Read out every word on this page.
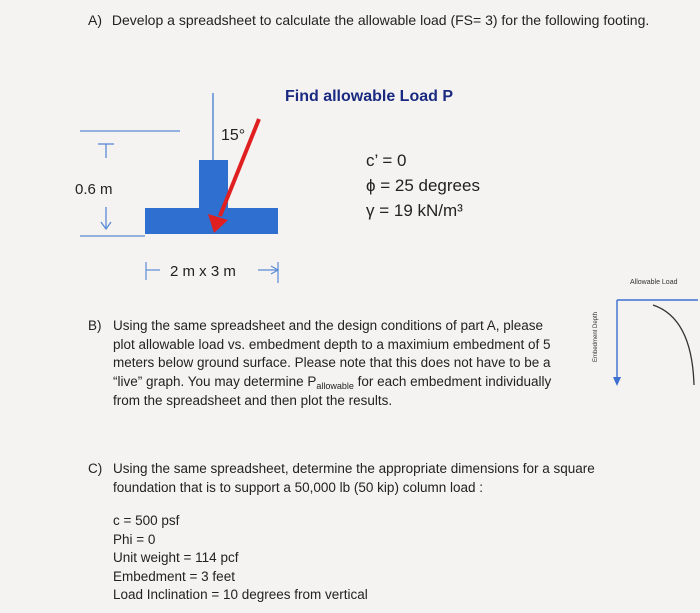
A) Develop a spreadsheet to calculate the allowable load (FS= 3) for the following footing.
15°
Find allowable Load P
c’ = 0
ϕ = 25 degrees
γ = 19 kN/m³
0.6 m
2 m x 3 m
Allowable Load
Embedment Depth
B) Using the same spreadsheet and the design conditions of part A, please
plot allowable load vs. embedment depth to a maximium embedment of 5
meters below ground surface. Please note that this does not have to be a
“live” graph. You may determine $P_{allowable}$ for each embedment individually
from the spreadsheet and then plot the results.
C) Using the same spreadsheet, determine the appropriate dimensions for a square
foundation that is to support a 50,000 lb (50 kip) column load :
c = 500 psf
Phi = 0
Unit weight = 114 pcf
Embedment = 3 feet
Load Inclination = 10 degrees from vertical
